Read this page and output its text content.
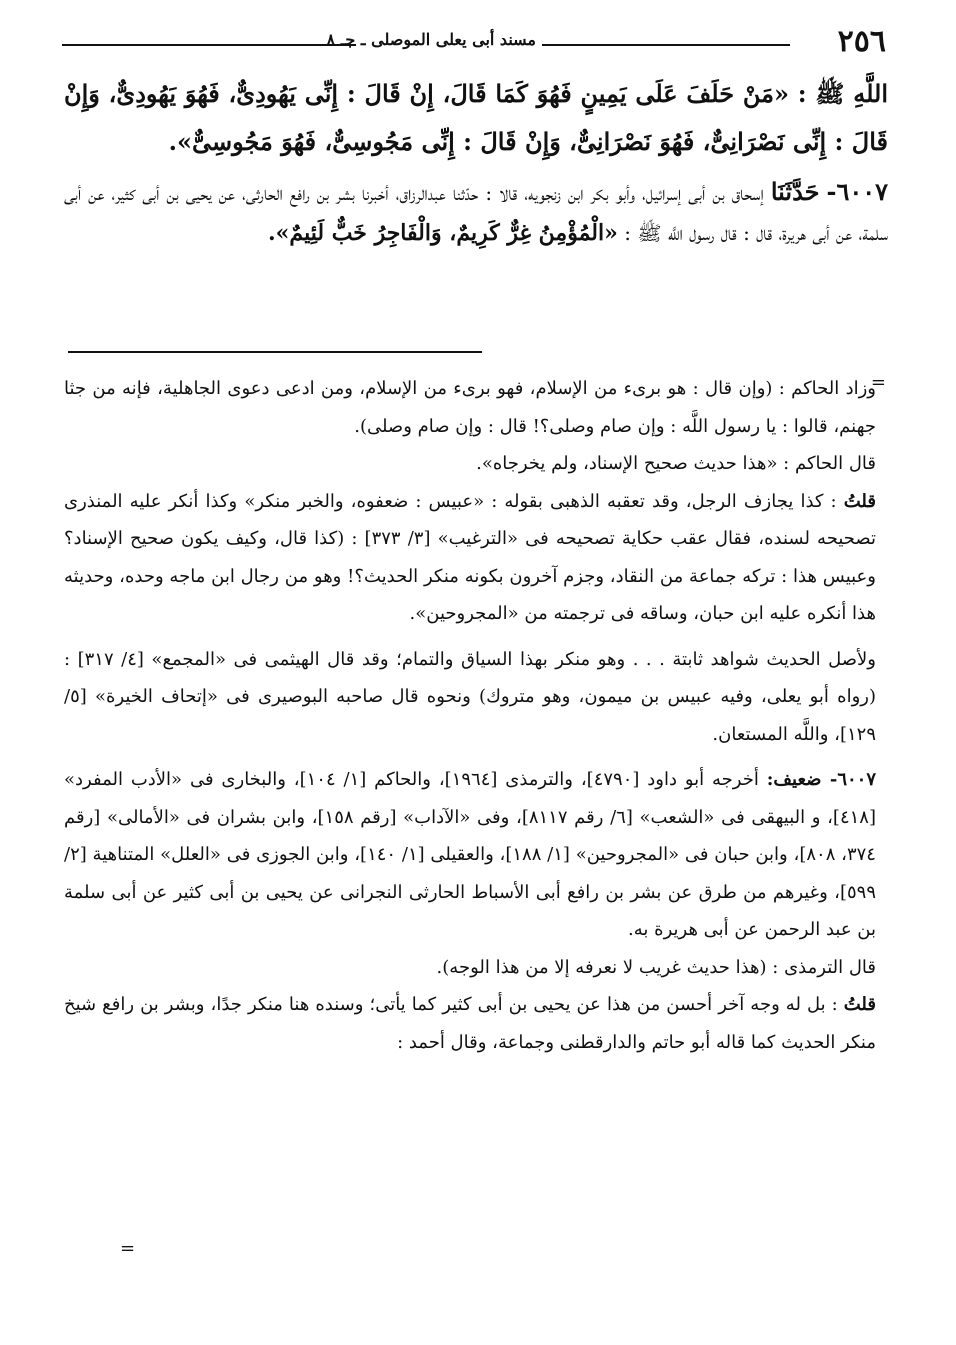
٢٥٦
مسند أبى يعلى الموصلى ـ جـ ٨

اللَّهِ ﷺ : «مَنْ حَلَفَ عَلَى يَمِينٍ فَهُوَ كَمَا قَالَ، إِنْ قَالَ : إِنِّى يَهُودِىٌّ، فَهُوَ يَهُودِىٌّ، وَإِنْ قَالَ : إِنِّى نَصْرَانِىٌّ، فَهُوَ نَصْرَانِىٌّ، وَإِنْ قَالَ : إِنِّى مَجُوسِىٌّ، فَهُوَ مَجُوسِىٌّ».

٦٠٠٧- حَدَّثَنَا إسحاق بن أبى إسرائيل، وأبو بكر ابن زنجويه، قالا : حدّثنا عبدالرزاق، أخبرنا بشر بن رافع الحارثى، عن يحيى بن أبى كثير، عن أبى سلمة، عن أبى هريرة، قال : قال رسول اللَّه ﷺ : «الْمُؤْمِنُ غِرٌّ كَرِيمٌ، وَالْفَاجِرُ خَبٌّ لَئِيمٌ».

=

وزاد الحاكم : (وإن قال : هو برىء من الإسلام، فهو برىء من الإسلام، ومن ادعى دعوى الجاهلية، فإنه من جثا جهنم، قالوا : يا رسول اللَّه : وإن صام وصلى؟! قال : وإن صام وصلى).

قال الحاكم : «هذا حديث صحيح الإسناد، ولم يخرجاه».

قلتُ : كذا يجازف الرجل، وقد تعقبه الذهبى بقوله : «عبيس : ضعفوه، والخبر منكر» وكذا أنكر عليه المنذرى تصحيحه لسنده، فقال عقب حكاية تصحيحه فى «الترغيب» [٣/ ٣٧٣] : (كذا قال، وكيف يكون صحيح الإسناد؟ وعبيس هذا : تركه جماعة من النقاد، وجزم آخرون بكونه منكر الحديث؟! وهو من رجال ابن ماجه وحده، وحديثه هذا أنكره عليه ابن حبان، وساقه فى ترجمته من «المجروحين».

ولأصل الحديث شواهد ثابتة . . . وهو منكر بهذا السياق والتمام؛ وقد قال الهيثمى فى «المجمع» [٤/ ٣١٧] : (رواه أبو يعلى، وفيه عبيس بن ميمون، وهو متروك) ونحوه قال صاحبه البوصيرى فى «إتحاف الخيرة» [٥/ ١٢٩]، واللَّه المستعان.

٦٠٠٧- ضعيف: أخرجه أبو داود [٤٧٩٠]، والترمذى [١٩٦٤]، والحاكم [١/ ١٠٤]، والبخارى فى «الأدب المفرد» [٤١٨]، و البيهقى فى «الشعب» [٦/ رقم ٨١١٧]، وفى «الآداب» [رقم ١٥٨]، وابن بشران فى «الأمالى» [رقم ٣٧٤، ٨٠٨]، وابن حبان فى «المجروحين» [١/ ١٨٨]، والعقيلى [١/ ١٤٠]، وابن الجوزى فى «العلل» المتناهية [٢/ ٥٩٩]، وغيرهم من طرق عن بشر بن رافع أبى الأسباط الحارثى النجرانى عن يحيى بن أبى كثير عن أبى سلمة بن عبد الرحمن عن أبى هريرة به.

قال الترمذى : (هذا حديث غريب لا نعرفه إلا من هذا الوجه).

قلتُ : بل له وجه آخر أحسن من هذا عن يحيى بن أبى كثير كما يأتى؛ وسنده هنا منكر جدًا، وبشر بن رافع شيخ منكر الحديث كما قاله أبو حاتم والدارقطنى وجماعة، وقال أحمد :

=
